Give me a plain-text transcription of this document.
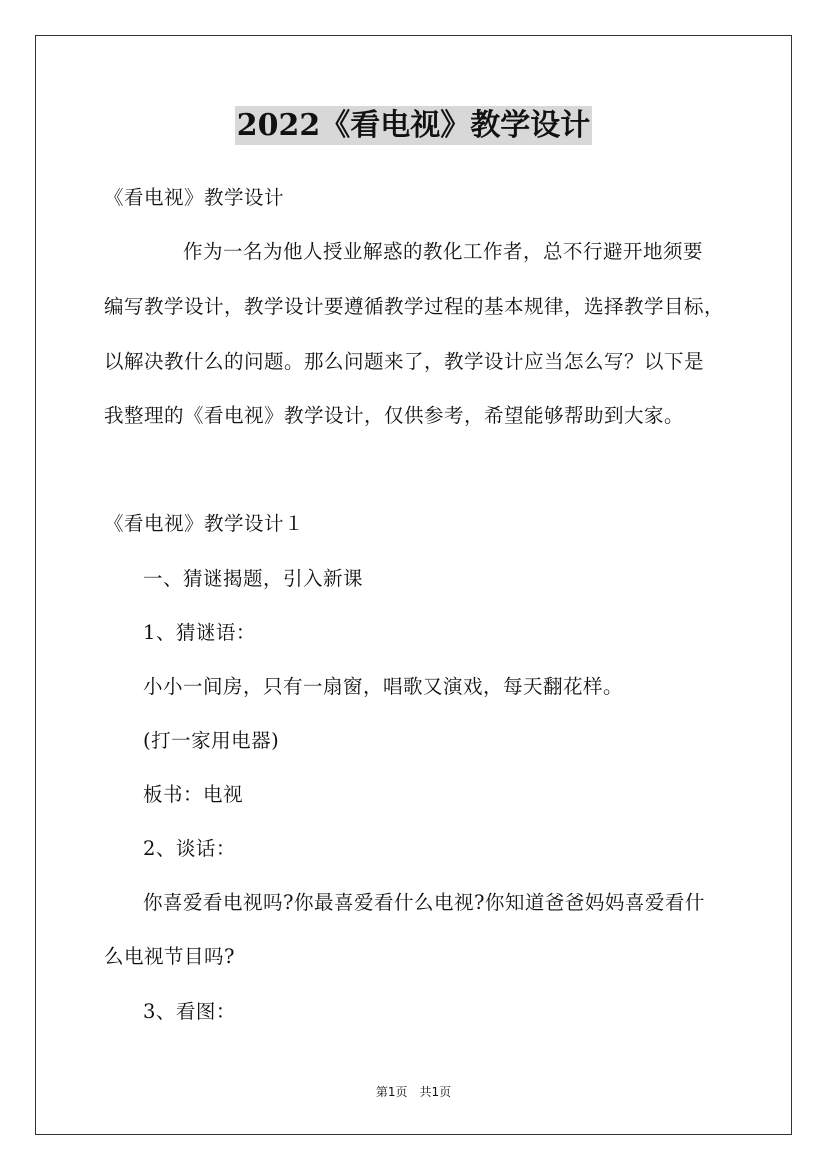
2022《看电视》教学设计
《看电视》教学设计
作为一名为他人授业解惑的教化工作者，总不行避开地须要
编写教学设计，教学设计要遵循教学过程的基本规律，选择教学目标，
以解决教什么的问题。那么问题来了，教学设计应当怎么写？以下是
我整理的《看电视》教学设计，仅供参考，希望能够帮助到大家。
《看电视》教学设计１
一、猜谜揭题，引入新课
1、猜谜语：
小小一间房，只有一扇窗，唱歌又演戏，每天翻花样。
(打一家用电器)
板书：电视
2、谈话：
你喜爱看电视吗?你最喜爱看什么电视?你知道爸爸妈妈喜爱看什
么电视节目吗?
3、看图：
第1页　共1页
